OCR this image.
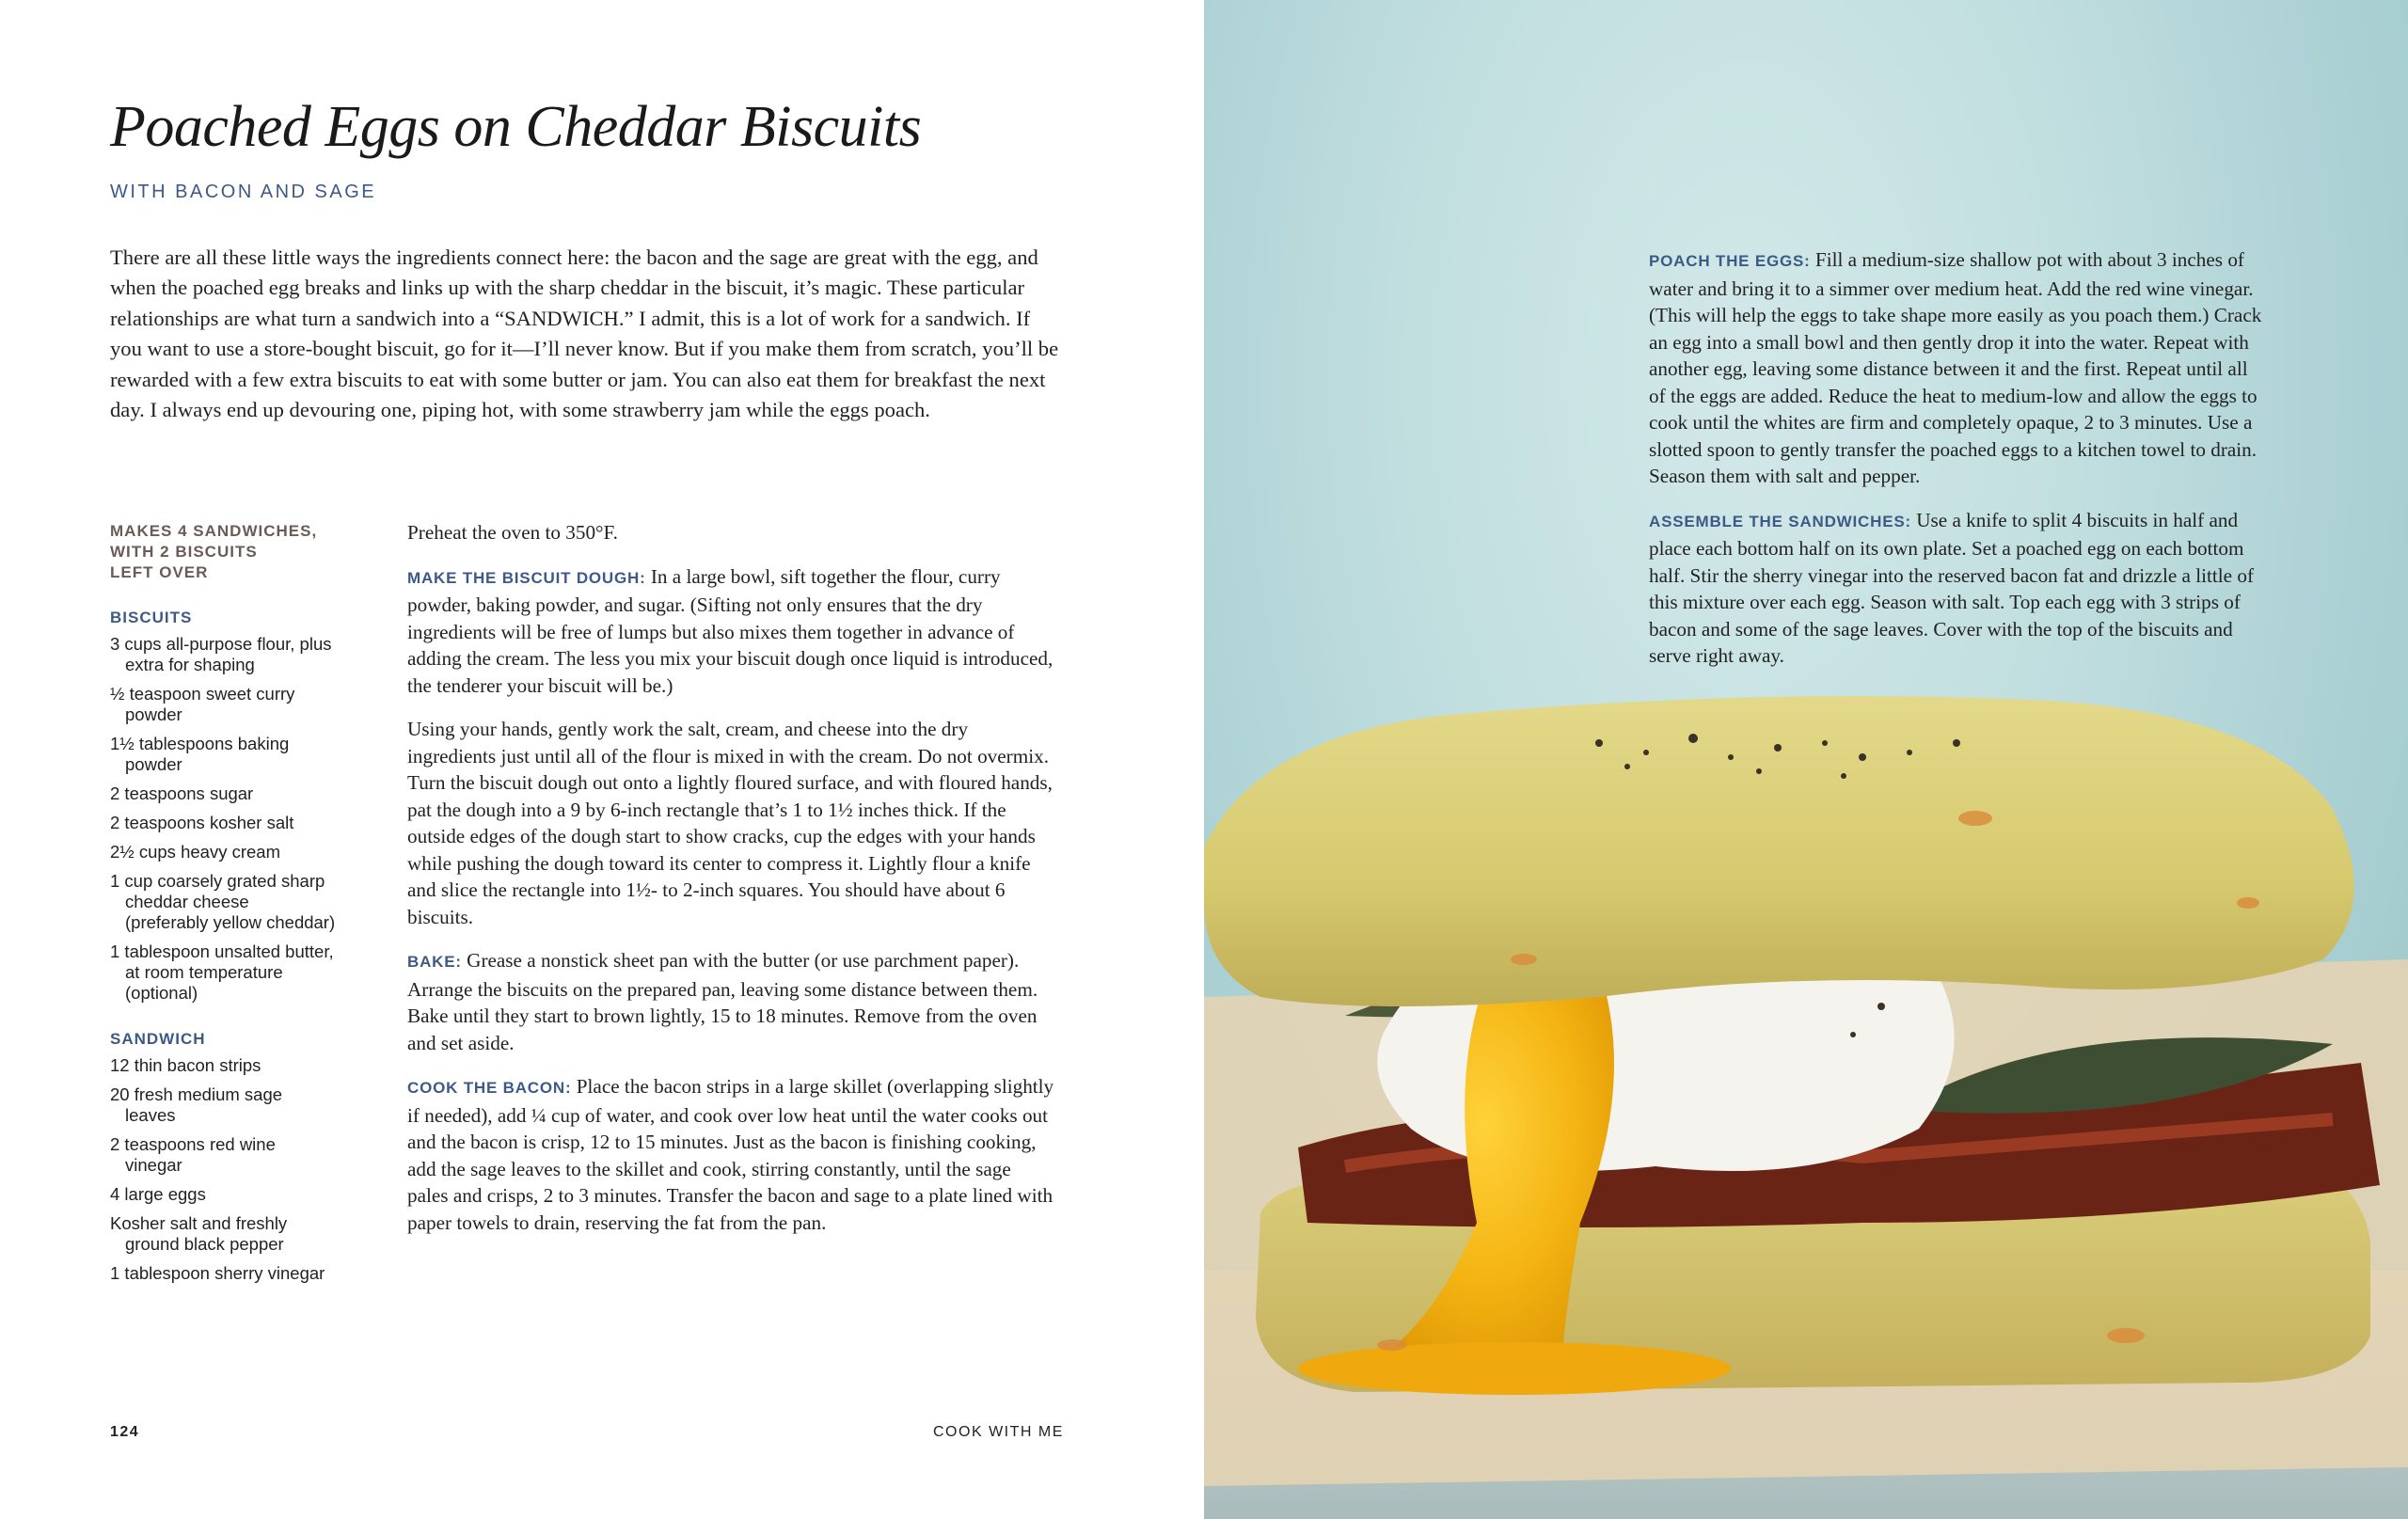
Poached Eggs on Cheddar Biscuits
WITH BACON AND SAGE

There are all these little ways the ingredients connect here: the bacon and the sage are great with the egg, and when the poached egg breaks and links up with the sharp cheddar in the biscuit, it’s magic. These particular relationships are what turn a sandwich into a “SANDWICH.” I admit, this is a lot of work for a sandwich. If you want to use a store-bought biscuit, go for it—I’ll never know. But if you make them from scratch, you’ll be rewarded with a few extra biscuits to eat with some butter or jam. You can also eat them for breakfast the next day. I always end up devouring one, piping hot, with some strawberry jam while the eggs poach.

MAKES 4 SANDWICHES,
WITH 2 BISCUITS
LEFT OVER
BISCUITS
3 cups all-purpose flour, plus extra for shaping
½ teaspoon sweet curry powder
1½ tablespoons baking powder
2 teaspoons sugar
2 teaspoons kosher salt
2½ cups heavy cream
1 cup coarsely grated sharp cheddar cheese (preferably yellow cheddar)
1 tablespoon unsalted butter, at room temperature (optional)
SANDWICH
12 thin bacon strips
20 fresh medium sage leaves
2 teaspoons red wine vinegar
4 large eggs
Kosher salt and freshly ground black pepper
1 tablespoon sherry vinegar

Preheat the oven to 350°F.

MAKE THE BISCUIT DOUGH: In a large bowl, sift together the flour, curry powder, baking powder, and sugar. (Sifting not only ensures that the dry ingredients will be free of lumps but also mixes them together in advance of adding the cream. The less you mix your biscuit dough once liquid is introduced, the tenderer your biscuit will be.)

Using your hands, gently work the salt, cream, and cheese into the dry ingredients just until all of the flour is mixed in with the cream. Do not overmix. Turn the biscuit dough out onto a lightly floured surface, and with floured hands, pat the dough into a 9 by 6-inch rectangle that’s 1 to 1½ inches thick. If the outside edges of the dough start to show cracks, cup the edges with your hands while pushing the dough toward its center to compress it. Lightly flour a knife and slice the rectangle into 1½- to 2-inch squares. You should have about 6 biscuits.

BAKE: Grease a nonstick sheet pan with the butter (or use parchment paper). Arrange the biscuits on the prepared pan, leaving some distance between them. Bake until they start to brown lightly, 15 to 18 minutes. Remove from the oven and set aside.

COOK THE BACON: Place the bacon strips in a large skillet (overlapping slightly if needed), add ¼ cup of water, and cook over low heat until the water cooks out and the bacon is crisp, 12 to 15 minutes. Just as the bacon is finishing cooking, add the sage leaves to the skillet and cook, stirring constantly, until the sage pales and crisps, 2 to 3 minutes. Transfer the bacon and sage to a plate lined with paper towels to drain, reserving the fat from the pan.

124	COOK WITH ME

POACH THE EGGS: Fill a medium-size shallow pot with about 3 inches of water and bring it to a simmer over medium heat. Add the red wine vinegar. (This will help the eggs to take shape more easily as you poach them.) Crack an egg into a small bowl and then gently drop it into the water. Repeat with another egg, leaving some distance between it and the first. Repeat until all of the eggs are added. Reduce the heat to medium-low and allow the eggs to cook until the whites are firm and completely opaque, 2 to 3 minutes. Use a slotted spoon to gently transfer the poached eggs to a kitchen towel to drain. Season them with salt and pepper.

ASSEMBLE THE SANDWICHES: Use a knife to split 4 biscuits in half and place each bottom half on its own plate. Set a poached egg on each bottom half. Stir the sherry vinegar into the reserved bacon fat and drizzle a little of this mixture over each egg. Season with salt. Top each egg with 3 strips of bacon and some of the sage leaves. Cover with the top of the biscuits and serve right away.
